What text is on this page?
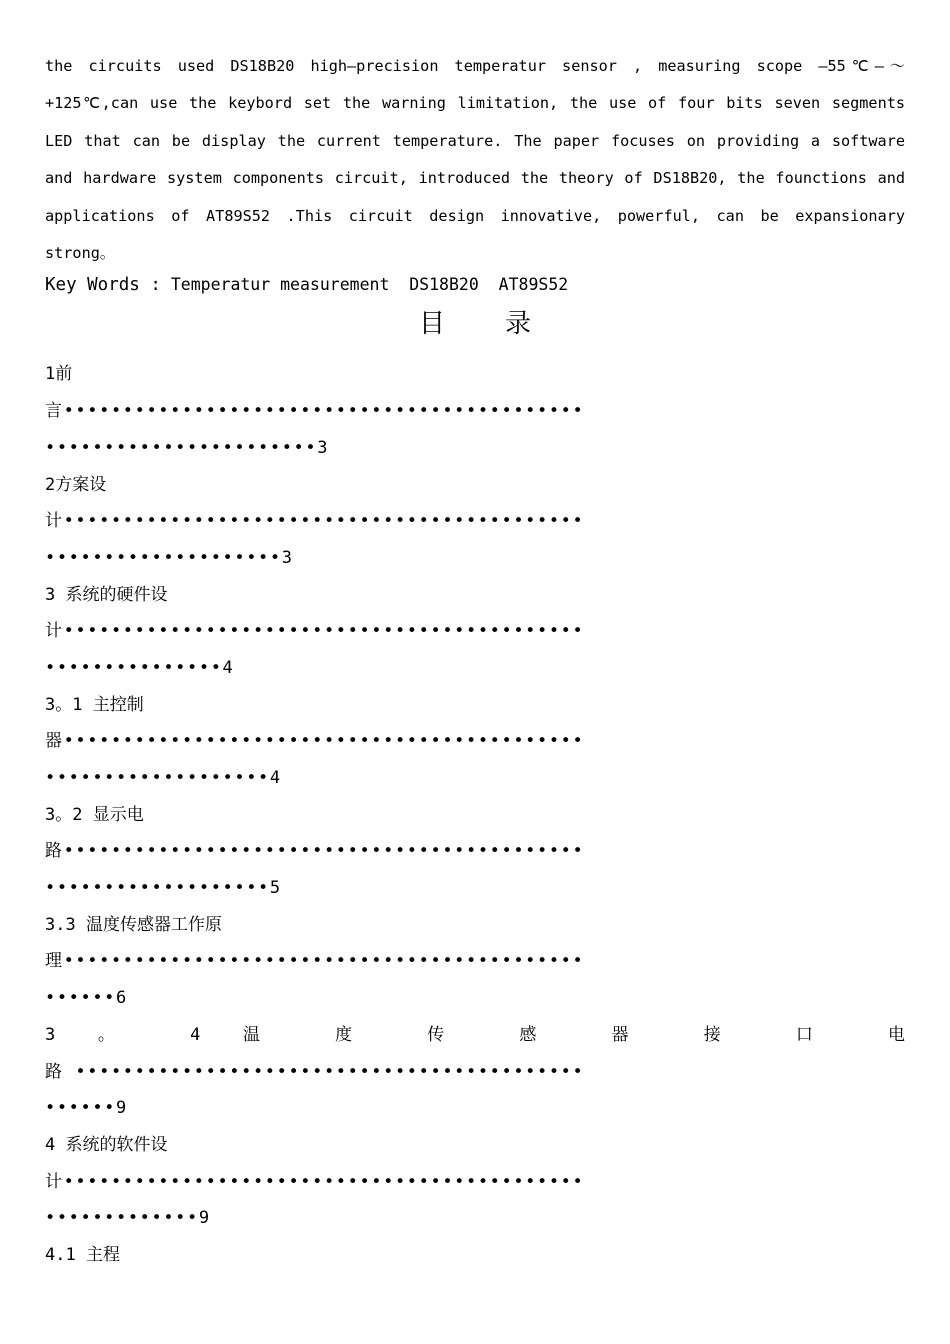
the circuits used DS18B20 high—precision temperatur sensor , measuring scope —55℃—～+125℃,can use the keybord set the warning limitation, the use of four bits seven segments LED that can be display the current temperature. The paper focuses on providing a software and hardware system components circuit, introduced the theory of DS18B20, the founctions and applications of AT89S52 .This circuit design innovative, powerful, can be expansionary strong。

Key Words : Temperatur measurement  DS18B20  AT89S52

目录
1前
言••••••••••••••••••••••••••••••••••••••••••••
•••••••••••••••••••••••3
2方案设
计••••••••••••••••••••••••••••••••••••••••••••
••••••••••••••••••••3
3 系统的硬件设
计••••••••••••••••••••••••••••••••••••••••••••
•••••••••••••••4
3。1 主控制
器••••••••••••••••••••••••••••••••••••••••••••
•••••••••••••••••••4
3。2 显示电
路••••••••••••••••••••••••••••••••••••••••••••
•••••••••••••••••••5
3.3 温度传感器工作原
理••••••••••••••••••••••••••••••••••••••••••••
••••••6
3 。 4 温 度 传 感 器 接 口 电
路 •••••••••••••••••••••••••••••••••••••••••••
••••••9
4 系统的软件设
计••••••••••••••••••••••••••••••••••••••••••••
•••••••••••••9
4.1 主程
